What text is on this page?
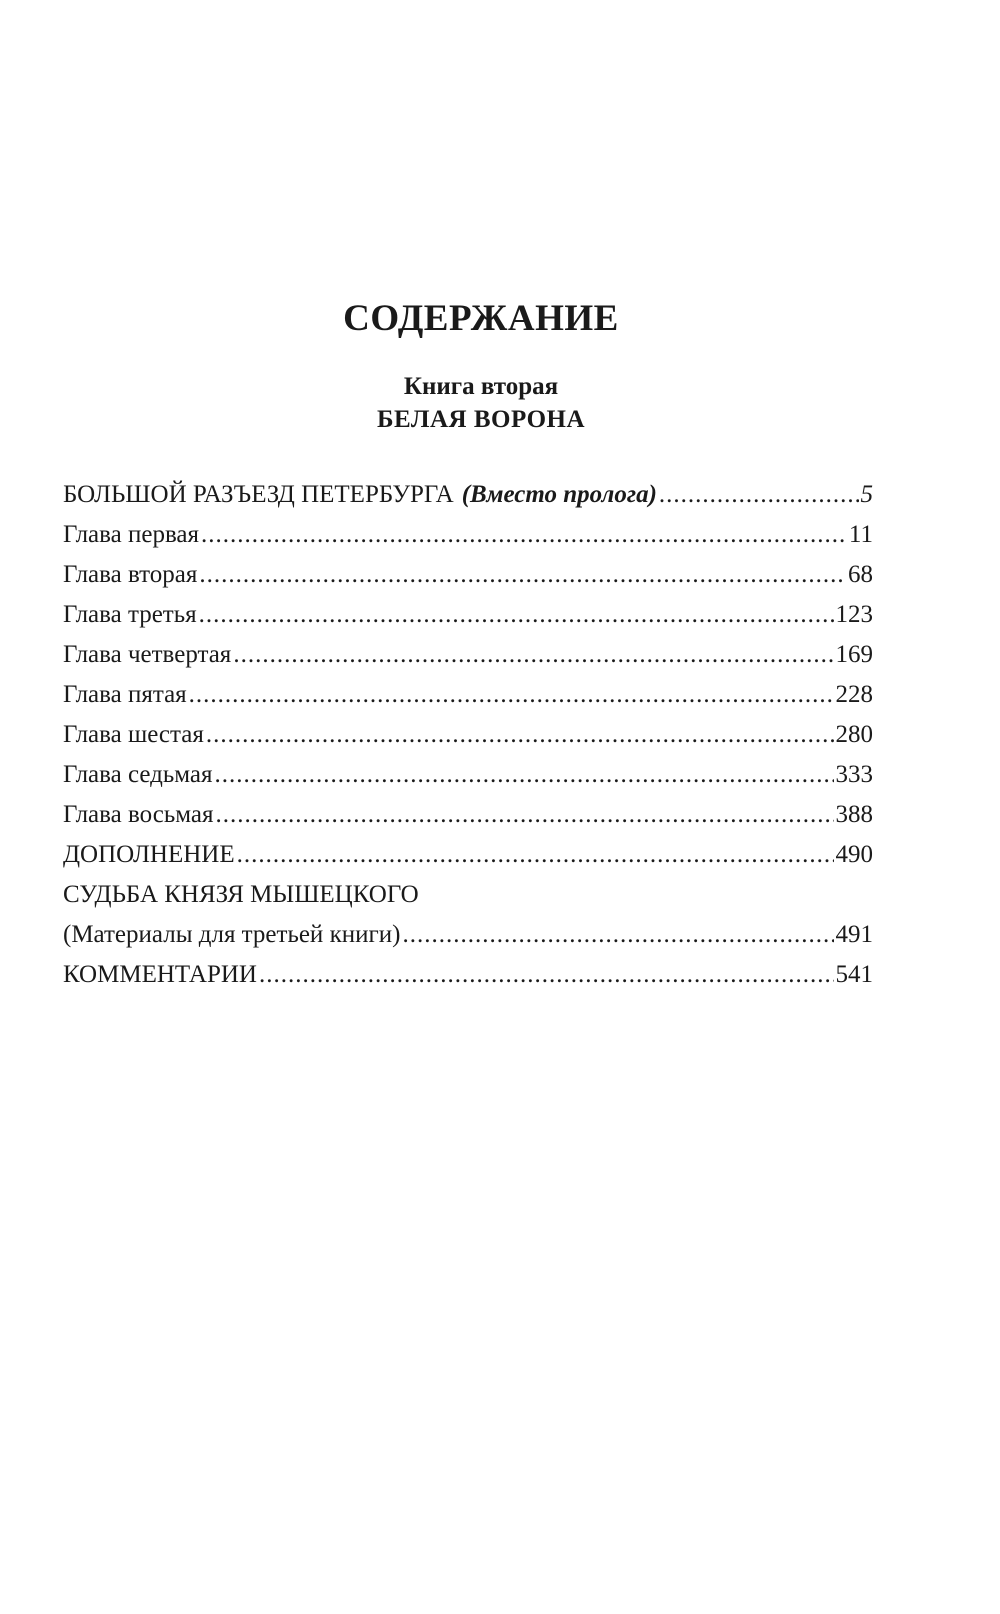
СОДЕРЖАНИЕ
Книга вторая
БЕЛАЯ ВОРОНА
БОЛЬШОЙ РАЗЪЕЗД ПЕТЕРБУРГА (Вместо пролога) .....	5
Глава первая .....	11
Глава вторая .....	68
Глава третья .....	123
Глава четвертая .....	169
Глава пятая .....	228
Глава шестая .....	280
Глава седьмая .....	333
Глава восьмая .....	388
ДОПОЛНЕНИЕ .....	490
СУДЬБА КНЯЗЯ МЫШЕЦКОГО
(Материалы для третьей книги) .....	491
КОММЕНТАРИИ .....	541
